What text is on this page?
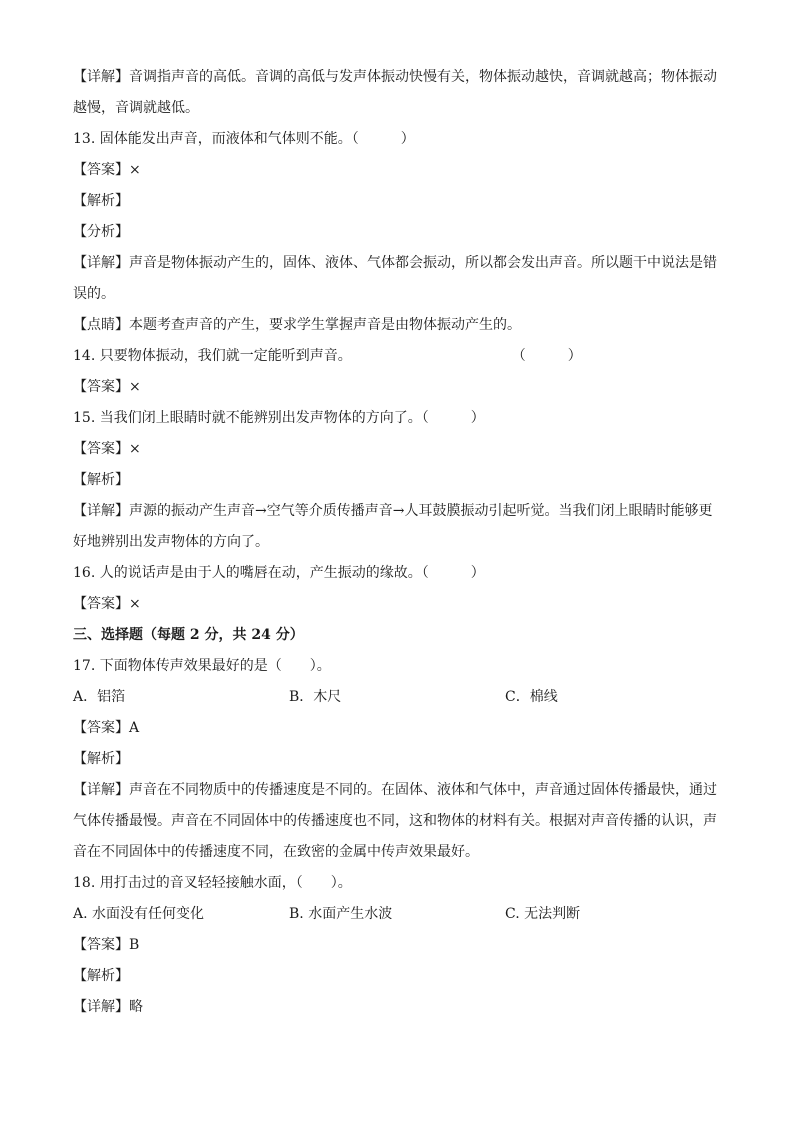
【详解】音调指声音的高低。音调的高低与发声体振动快慢有关，物体振动越快，音调就越高；物体振动
越慢，音调就越低。
13. 固体能发出声音，而液体和气体则不能。（　　　）
【答案】×
【解析】
【分析】
【详解】声音是物体振动产生的，固体、液体、气体都会振动，所以都会发出声音。所以题干中说法是错
误的。
【点睛】本题考查声音的产生，要求学生掌握声音是由物体振动产生的。
14. 只要物体振动，我们就一定能听到声音。	（　　　）
【答案】×
15. 当我们闭上眼睛时就不能辨别出发声物体的方向了。（　　　）
【答案】×
【解析】
【详解】声源的振动产生声音→空气等介质传播声音→人耳鼓膜振动引起听觉。当我们闭上眼睛时能够更
好地辨别出发声物体的方向了。
16. 人的说话声是由于人的嘴唇在动，产生振动的缘故。（　　　）
【答案】×
三、选择题（每题 2 分，共 24 分）
17. 下面物体传声效果最好的是（　　）。
A．铝箔	B．木尺	C．棉线
【答案】A
【解析】
【详解】声音在不同物质中的传播速度是不同的。在固体、液体和气体中，声音通过固体传播最快，通过
气体传播最慢。声音在不同固体中的传播速度也不同，这和物体的材料有关。根据对声音传播的认识，声
音在不同固体中的传播速度不同，在致密的金属中传声效果最好。
18. 用打击过的音叉轻轻接触水面，（　　）。
A. 水面没有任何变化	B. 水面产生水波	C. 无法判断
【答案】B
【解析】
【详解】略
